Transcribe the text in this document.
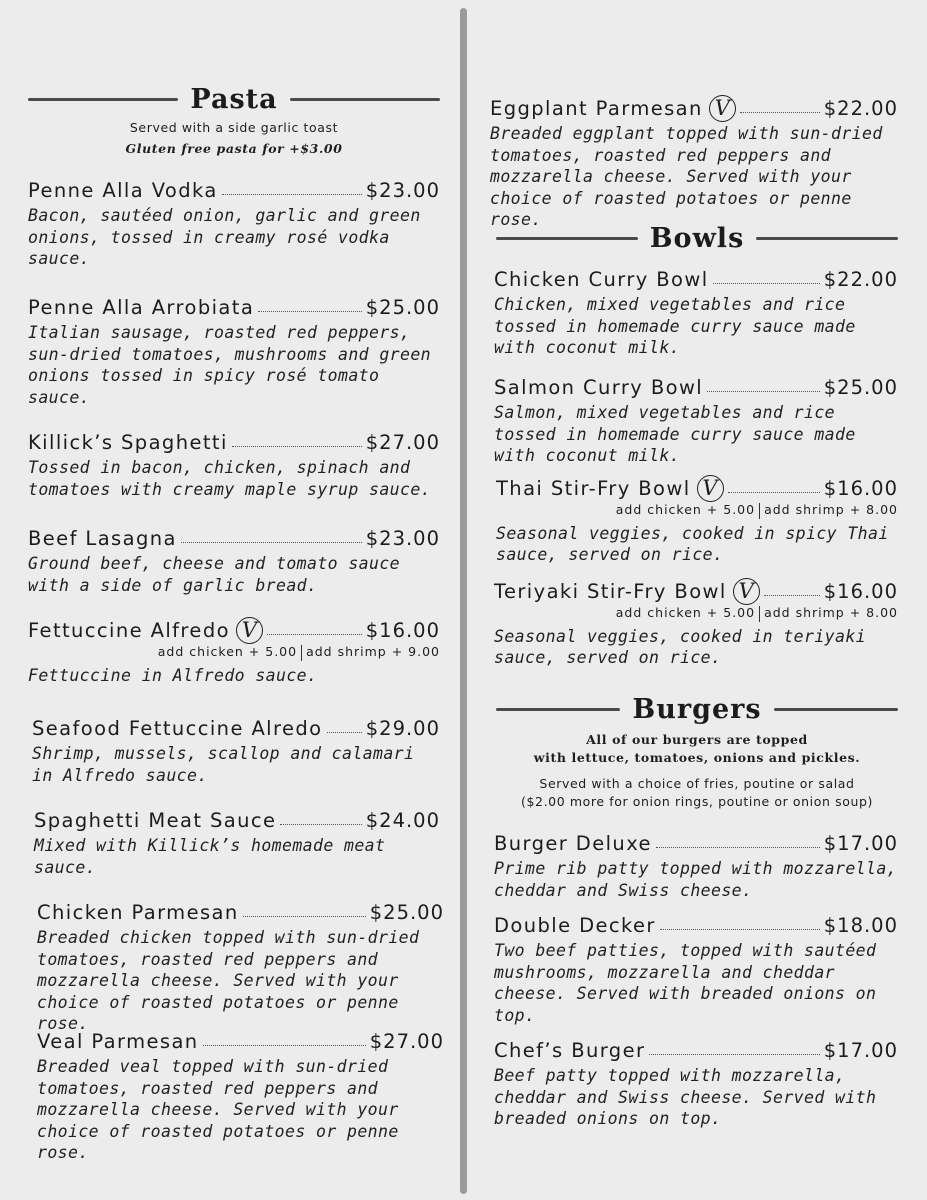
Pasta
Served with a side garlic toast
Gluten free pasta for +$3.00
Penne Alla Vodka	$23.00
Bacon, sautéed onion, garlic and green onions, tossed in creamy rosé vodka sauce.
Penne Alla Arrobiata	$25.00
Italian sausage, roasted red peppers, sun-dried tomatoes, mushrooms and green onions tossed in spicy rosé tomato sauce.
Killick’s Spaghetti	$27.00
Tossed in bacon, chicken, spinach and tomatoes with creamy maple syrup sauce.
Beef Lasagna	$23.00
Ground beef, cheese and tomato sauce with a side of garlic bread.
Fettuccine Alfredo V	$16.00
add chicken + 5.00 add shrimp + 9.00
Fettuccine in Alfredo sauce.
Seafood Fettuccine Alredo $29.00
Shrimp, mussels, scallop and calamari in Alfredo sauce.
Spaghetti Meat Sauce	$24.00
Mixed with Killick’s homemade meat sauce.
Chicken Parmesan	$25.00
Breaded chicken topped with sun-dried tomatoes, roasted red peppers and mozzarella cheese. Served with your choice of roasted potatoes or penne rose.
Veal Parmesan	$27.00
Breaded veal topped with sun-dried tomatoes, roasted red peppers and mozzarella cheese. Served with your choice of roasted potatoes or penne rose.
Eggplant Parmesan V	$22.00
Breaded eggplant topped with sun-dried tomatoes, roasted red peppers and mozzarella cheese. Served with your choice of roasted potatoes or penne rose.
Bowls
Chicken Curry Bowl	$22.00
Chicken, mixed vegetables and rice tossed in homemade curry sauce made with coconut milk.
Salmon Curry Bowl	$25.00
Salmon, mixed vegetables and rice tossed in homemade curry sauce made with coconut milk.
Thai Stir-Fry Bowl V	$16.00
add chicken + 5.00 add shrimp + 8.00
Seasonal veggies, cooked in spicy Thai sauce, served on rice.
Teriyaki Stir-Fry Bowl V	$16.00
add chicken + 5.00 add shrimp + 8.00
Seasonal veggies, cooked in teriyaki sauce, served on rice.
Burgers
All of our burgers are topped
with lettuce, tomatoes, onions and pickles.
Served with a choice of fries, poutine or salad
($2.00 more for onion rings, poutine or onion soup)
Burger Deluxe	$17.00
Prime rib patty topped with mozzarella, cheddar and Swiss cheese.
Double Decker	$18.00
Two beef patties, topped with sautéed mushrooms, mozzarella and cheddar cheese. Served with breaded onions on top.
Chef’s Burger	$17.00
Beef patty topped with mozzarella, cheddar and Swiss cheese. Served with breaded onions on top.
